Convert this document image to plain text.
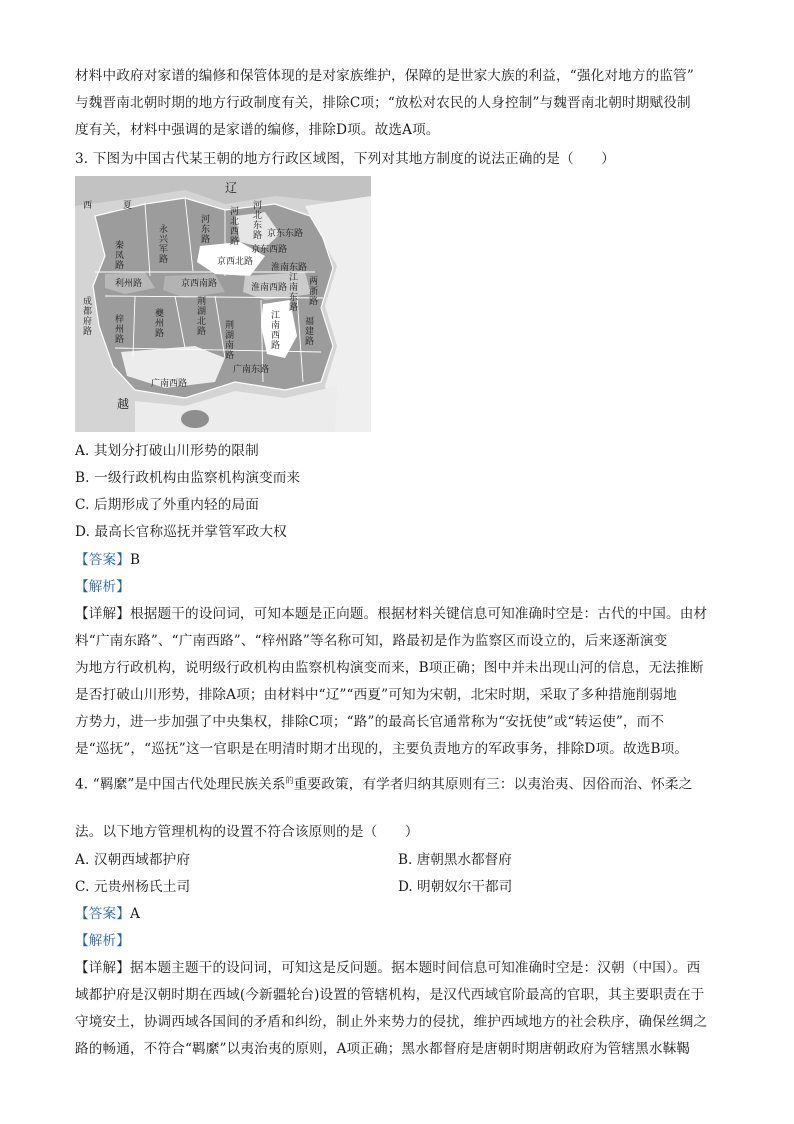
材料中政府对家谱的编修和保管体现的是对家族维护，保障的是世家大族的利益，“强化对地方的监管”
与魏晋南北朝时期的地方行政制度有关，排除C项；“放松对农民的人身控制”与魏晋南北朝时期赋役制
度有关，材料中强调的是家谱的编修，排除D项。故选A项。
3. 下图为中国古代某王朝的地方行政区域图，下列对其地方制度的说法正确的是（　　）
辽
西	夏
越
河
东
路
河
北
西
路
河
北
东
路 京东东路
京东西路
京西北路
淮南东路
淮南西路
京西南路
永
兴
军
路
秦
凤
路
利州路
成
都
府
路
梓
州
路
夔
州
路
荆
湖
北
路
荆
湖
南
路
江
南
东
路
江
南
西
路
两
浙
路
福
建
路
广南东路
广南西路
A. 其划分打破山川形势的限制
B. 一级行政机构由监察机构演变而来
C. 后期形成了外重内轻的局面
D. 最高长官称巡抚并掌管军政大权
【答案】B
【解析】
【详解】根据题干的设问词，可知本题是正向题。根据材料关键信息可知准确时空是：古代的中国。由材
料“广南东路”、“广南西路”、“梓州路”等名称可知，路最初是作为监察区而设立的，后来逐渐演变
为地方行政机构，说明级行政机构由监察机构演变而来，B项正确；图中并未出现山河的信息，无法推断
是否打破山川形势，排除A项；由材料中“辽”“西夏”可知为宋朝，北宋时期，采取了多种措施削弱地
方势力，进一步加强了中央集权，排除C项；“路”的最高长官通常称为“安抚使”或“转运使”，而不
是“巡抚”，“巡抚”这一官职是在明清时期才出现的，主要负责地方的军政事务，排除D项。故选B项。
4. “羁縻”是中国古代处理民族关系$^的$重要政策，有学者归纳其原则有三：以夷治夷、因俗而治、怀柔之
法。以下地方管理机构的设置不符合该原则的是（　　）
A. 汉朝西域都护府	B. 唐朝黑水都督府
C. 元贵州杨氏土司	D. 明朝奴尔干都司
【答案】A
【解析】
【详解】据本题主题干的设问词，可知这是反问题。据本题时间信息可知准确时空是：汉朝（中国）。西
域都护府是汉朝时期在西域(今新疆轮台)设置的管辖机构，是汉代西域官阶最高的官职，其主要职责在于
守境安土，协调西域各国间的矛盾和纠纷，制止外来势力的侵扰，维护西域地方的社会秩序，确保丝绸之
路的畅通，不符合“羁縻”以夷治夷的原则，A项正确；黑水都督府是唐朝时期唐朝政府为管辖黑水靺鞨
